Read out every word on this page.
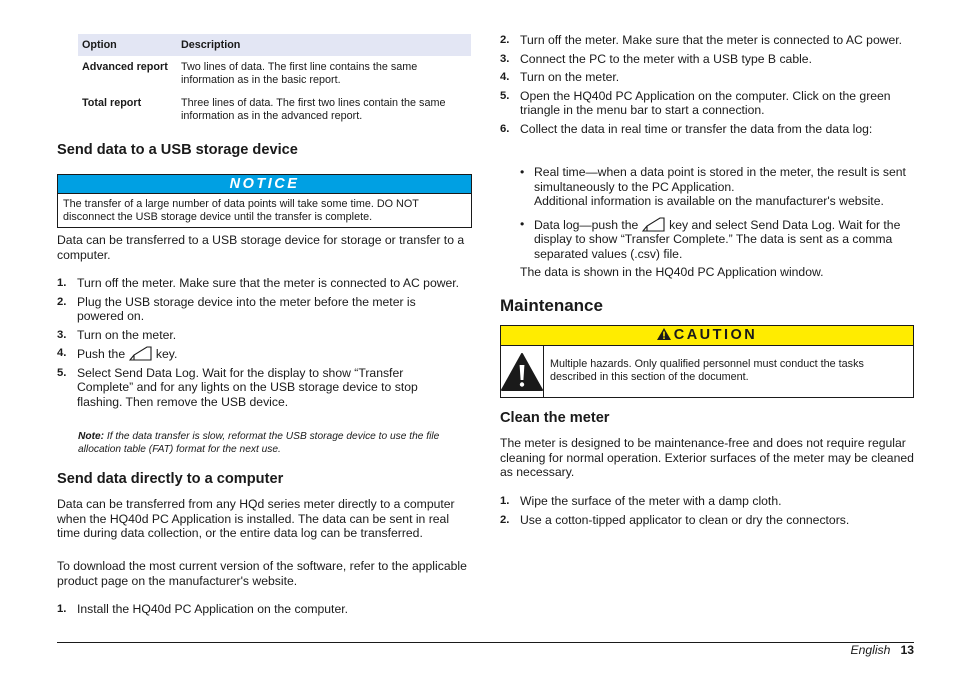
Option	Description
Advanced report	Two lines of data. The first line contains the same information as in the basic report.
Total report	Three lines of data. The first two lines contain the same information as in the advanced report.
Send data to a USB storage device
NOTICE
The transfer of a large number of data points will take some time. DO NOT disconnect the USB storage device until the transfer is complete.
Data can be transferred to a USB storage device for storage or transfer to a computer.
1. Turn off the meter. Make sure that the meter is connected to AC power.
2. Plug the USB storage device into the meter before the meter is powered on.
3. Turn on the meter.
4. Push the	key.
5. Select Send Data Log. Wait for the display to show “Transfer Complete” and for any lights on the USB storage device to stop flashing. Then remove the USB device.
Note: If the data transfer is slow, reformat the USB storage device to use the file allocation table (FAT) format for the next use.
Send data directly to a computer
Data can be transferred from any HQd series meter directly to a computer when the HQ40d PC Application is installed. The data can be sent in real time during data collection, or the entire data log can be transferred.
To download the most current version of the software, refer to the applicable product page on the manufacturer's website.
1. Install the HQ40d PC Application on the computer.
2. Turn off the meter. Make sure that the meter is connected to AC power.
3. Connect the PC to the meter with a USB type B cable.
4. Turn on the meter.
5. Open the HQ40d PC Application on the computer. Click on the green triangle in the menu bar to start a connection.
6. Collect the data in real time or transfer the data from the data log:
• Real time—when a data point is stored in the meter, the result is sent simultaneously to the PC Application.
Additional information is available on the manufacturer's website.
• Data log—push the	key and select Send Data Log. Wait for the display to show “Transfer Complete.” The data is sent as a comma separated values (.csv) file.
The data is shown in the HQ40d PC Application window.
Maintenance
CAUTION
Multiple hazards. Only qualified personnel must conduct the tasks described in this section of the document.
Clean the meter
The meter is designed to be maintenance-free and does not require regular cleaning for normal operation. Exterior surfaces of the meter may be cleaned as necessary.
1. Wipe the surface of the meter with a damp cloth.
2. Use a cotton-tipped applicator to clean or dry the connectors.
English 13
